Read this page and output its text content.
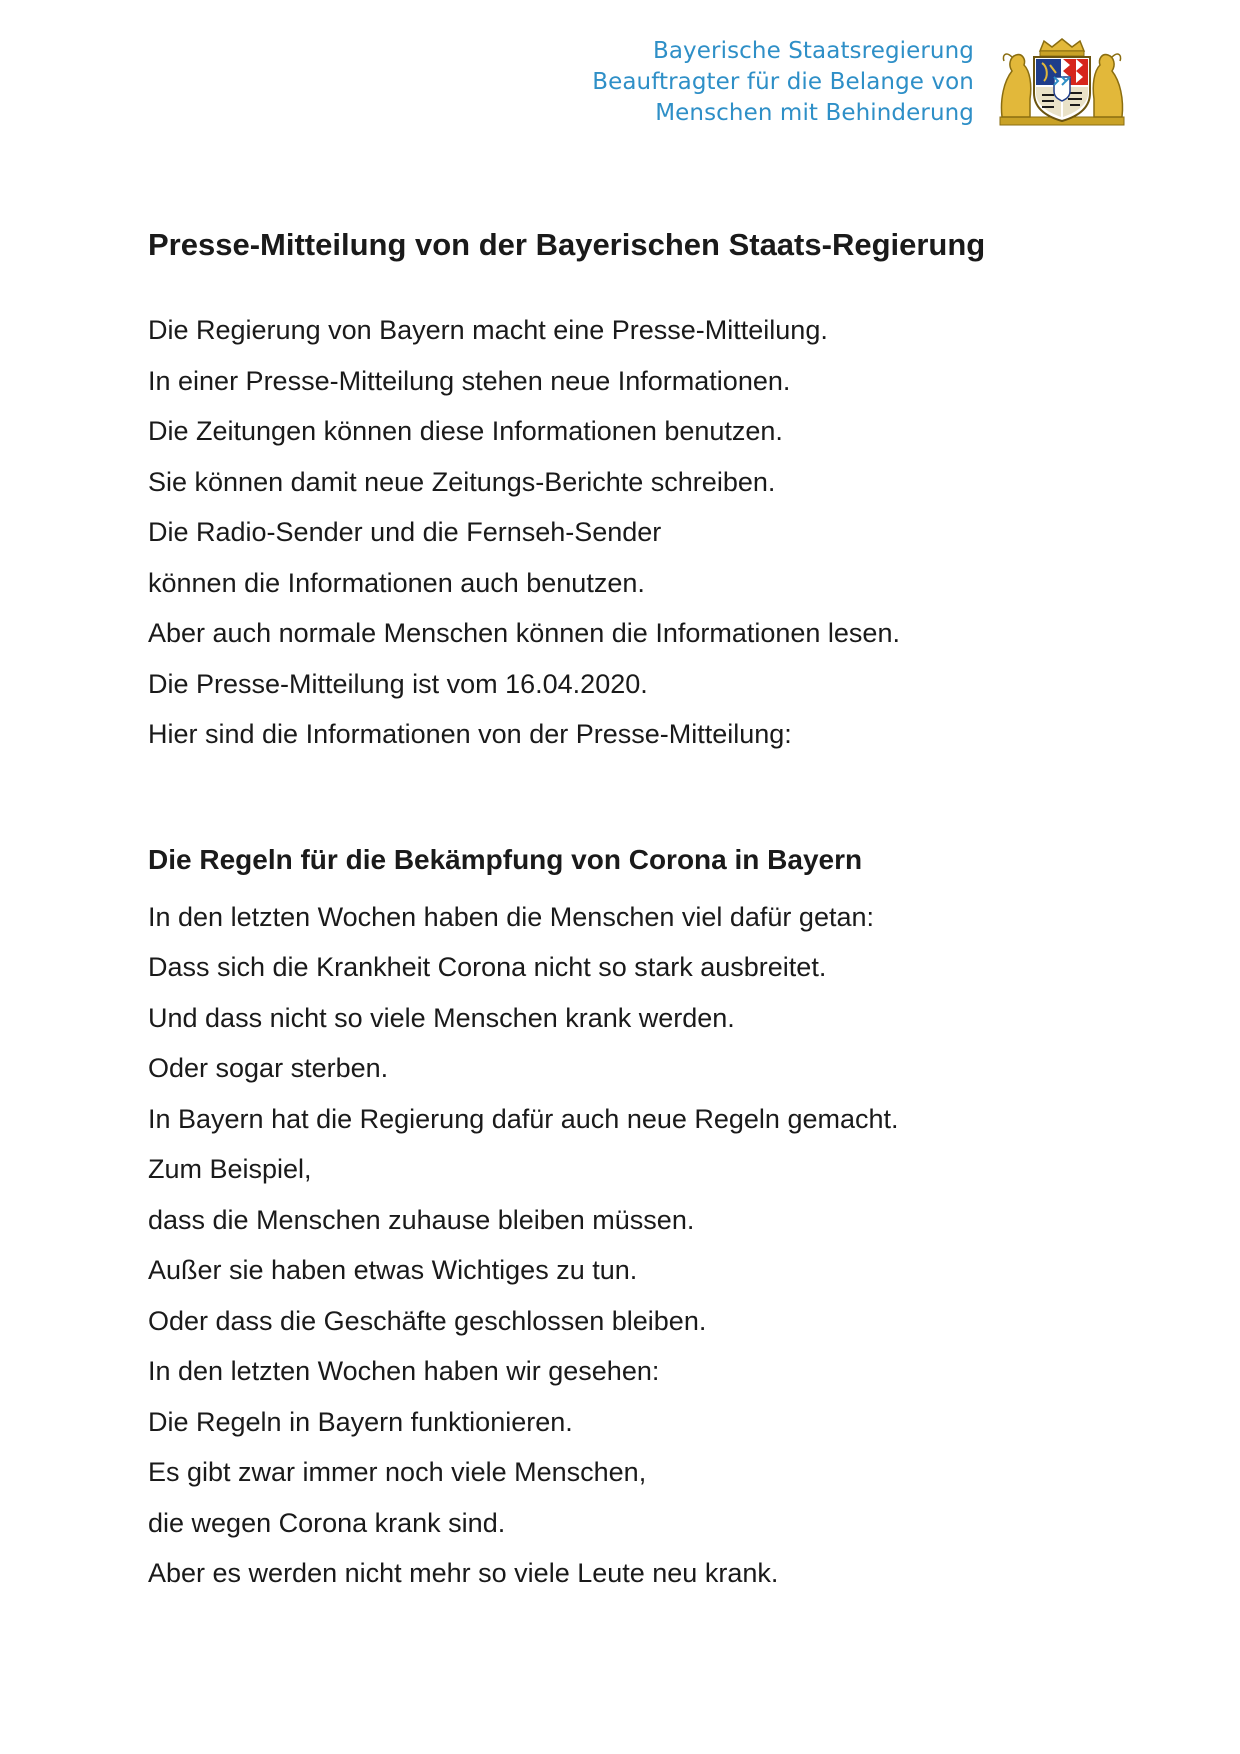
Bayerische Staatsregierung
Beauftragter für die Belange von
Menschen mit Behinderung
Presse-Mitteilung von der Bayerischen Staats-Regierung
Die Regierung von Bayern macht eine Presse-Mitteilung.
In einer Presse-Mitteilung stehen neue Informationen.
Die Zeitungen können diese Informationen benutzen.
Sie können damit neue Zeitungs-Berichte schreiben.
Die Radio-Sender und die Fernseh-Sender
können die Informationen auch benutzen.
Aber auch normale Menschen können die Informationen lesen.
Die Presse-Mitteilung ist vom 16.04.2020.
Hier sind die Informationen von der Presse-Mitteilung:
Die Regeln für die Bekämpfung von Corona in Bayern
In den letzten Wochen haben die Menschen viel dafür getan:
Dass sich die Krankheit Corona nicht so stark ausbreitet.
Und dass nicht so viele Menschen krank werden.
Oder sogar sterben.
In Bayern hat die Regierung dafür auch neue Regeln gemacht.
Zum Beispiel,
dass die Menschen zuhause bleiben müssen.
Außer sie haben etwas Wichtiges zu tun.
Oder dass die Geschäfte geschlossen bleiben.
In den letzten Wochen haben wir gesehen:
Die Regeln in Bayern funktionieren.
Es gibt zwar immer noch viele Menschen,
die wegen Corona krank sind.
Aber es werden nicht mehr so viele Leute neu krank.
